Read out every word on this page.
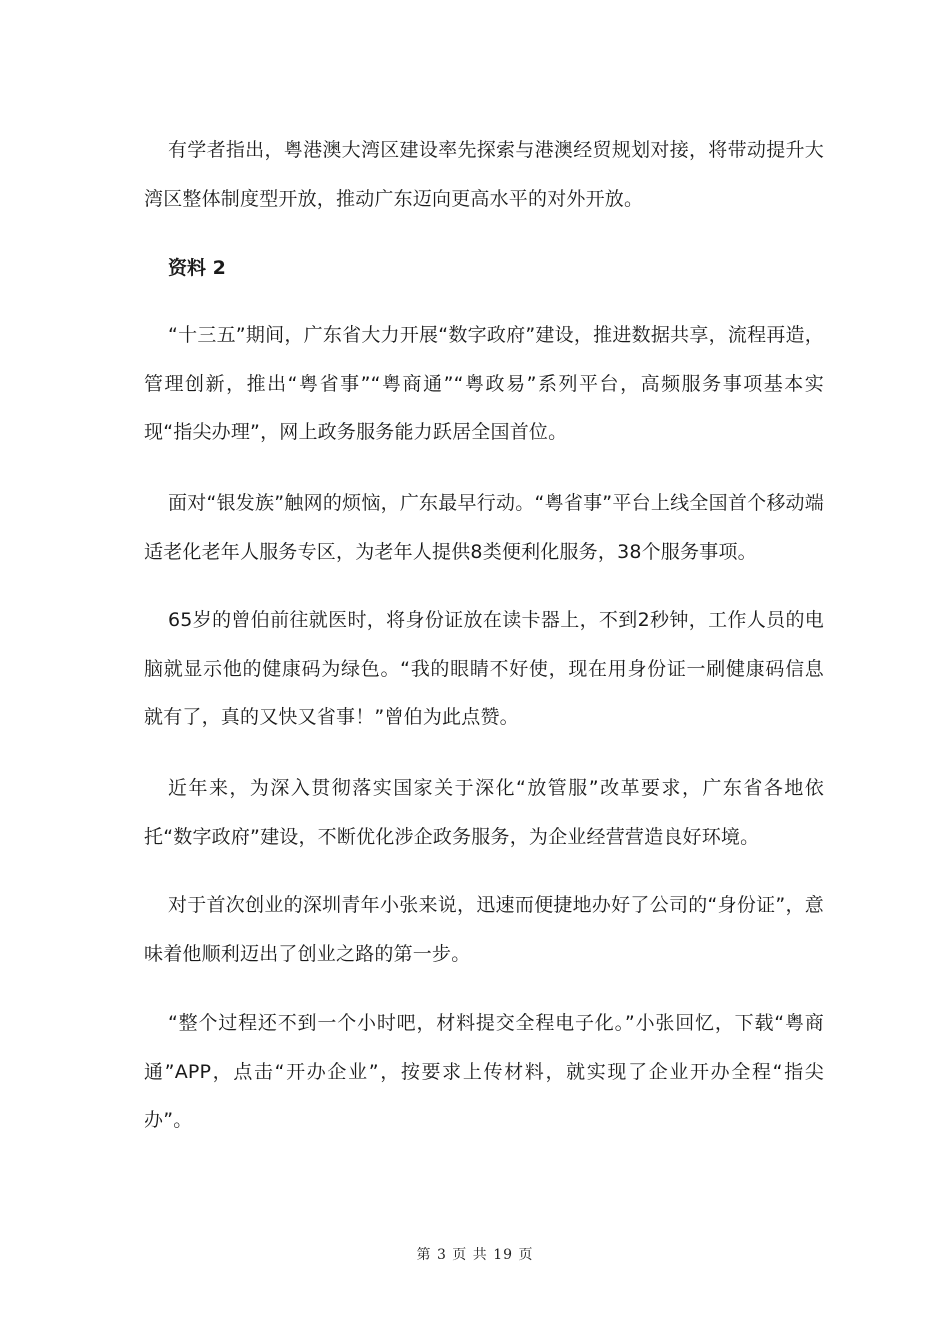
有学者指出，粤港澳大湾区建设率先探索与港澳经贸规划对接，将带动提升大湾区整体制度型开放，推动广东迈向更高水平的对外开放。

资料 2

“十三五”期间，广东省大力开展“数字政府”建设，推进数据共享，流程再造，管理创新，推出“粤省事”“粤商通”“粤政易”系列平台，高频服务事项基本实现“指尖办理”，网上政务服务能力跃居全国首位。

面对“银发族”触网的烦恼，广东最早行动。“粤省事”平台上线全国首个移动端适老化老年人服务专区，为老年人提供8类便利化服务，38个服务事项。

65岁的曾伯前往就医时，将身份证放在读卡器上，不到2秒钟，工作人员的电脑就显示他的健康码为绿色。“我的眼睛不好使，现在用身份证一刷健康码信息就有了，真的又快又省事！”曾伯为此点赞。

近年来，为深入贯彻落实国家关于深化“放管服”改革要求，广东省各地依托“数字政府”建设，不断优化涉企政务服务，为企业经营营造良好环境。

对于首次创业的深圳青年小张来说，迅速而便捷地办好了公司的“身份证”，意味着他顺利迈出了创业之路的第一步。

“整个过程还不到一个小时吧，材料提交全程电子化。”小张回忆，下载“粤商通”APP，点击“开办企业”，按要求上传材料，就实现了企业开办全程“指尖办”。

第 3 页 共 19 页
